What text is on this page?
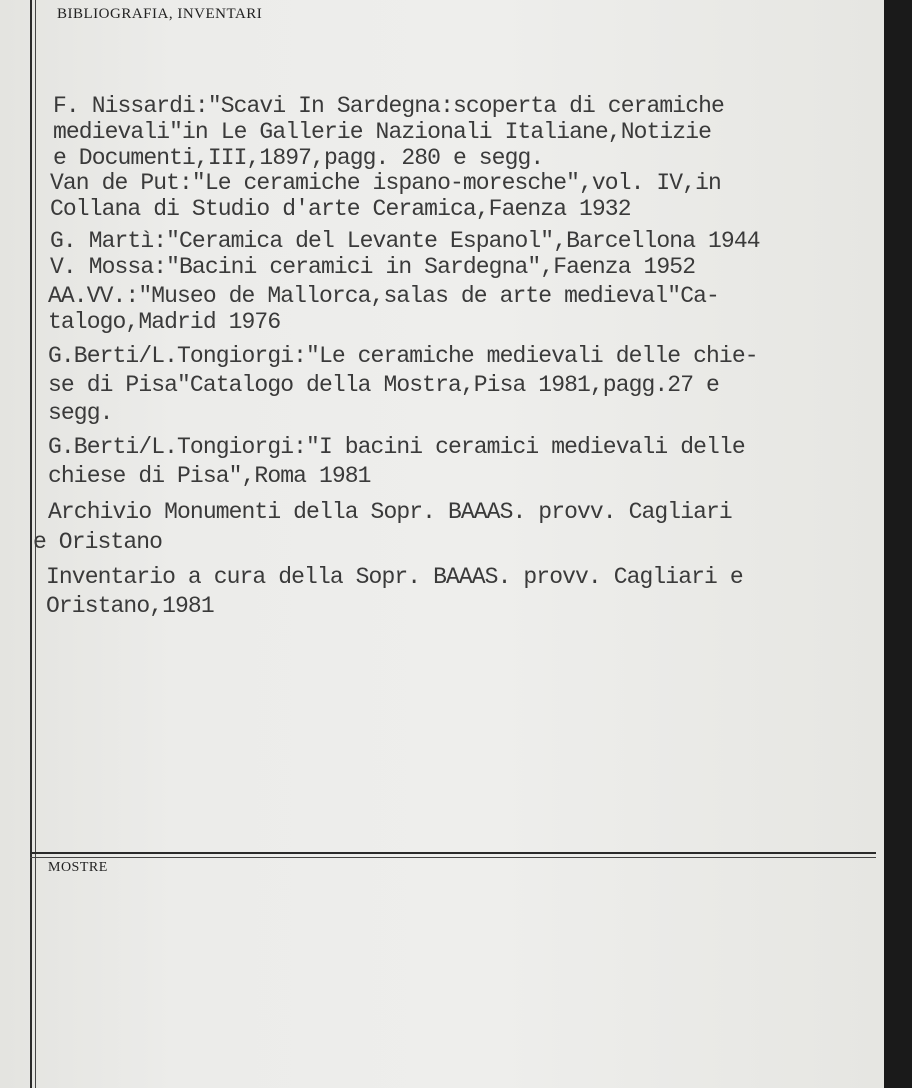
BIBLIOGRAFIA, INVENTARI
F. Nissardi:"Scavi In Sardegna:scoperta di ceramiche
medievali"in Le Gallerie Nazionali Italiane,Notizie
e Documenti,III,1897,pagg. 280 e segg.
Van de Put:"Le ceramiche ispano-moresche",vol. IV,in
Collana di Studio d'arte Ceramica,Faenza 1932
G. Martì:"Ceramica del Levante Espanol",Barcellona 1944
V. Mossa:"Bacini ceramici in Sardegna",Faenza 1952
AA.VV.:"Museo de Mallorca,salas de arte medieval"Ca-
talogo,Madrid 1976
G.Berti/L.Tongiorgi:"Le ceramiche medievali delle chie-
se di Pisa"Catalogo della Mostra,Pisa 1981,pagg.27 e
segg.
G.Berti/L.Tongiorgi:"I bacini ceramici medievali delle
chiese di Pisa",Roma 1981
Archivio Monumenti della Sopr. BAAAS. provv. Cagliari
e Oristano
Inventario a cura della Sopr. BAAAS. provv. Cagliari e
Oristano,1981
MOSTRE
